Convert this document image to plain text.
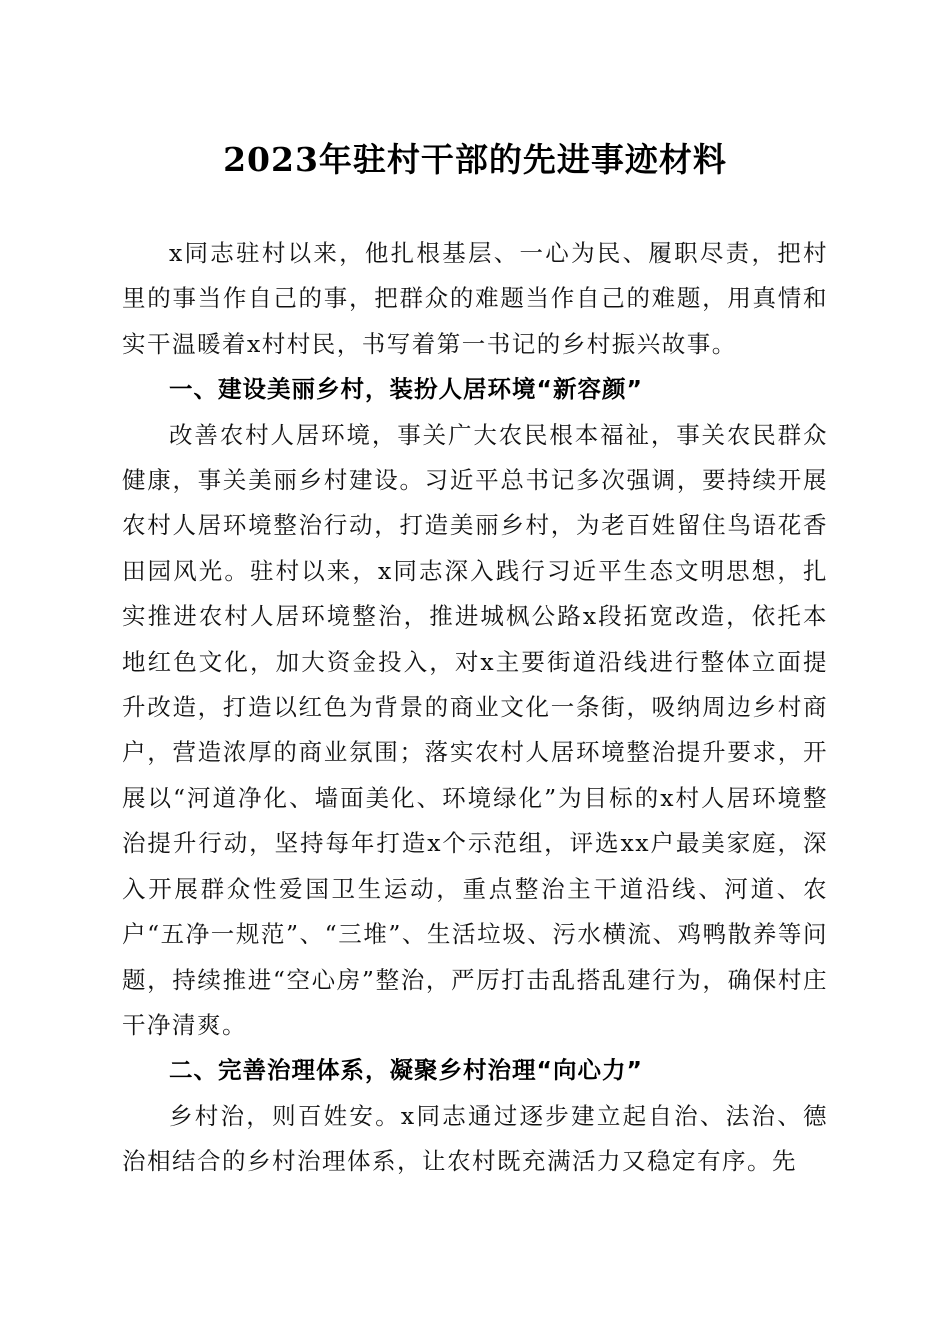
2023年驻村干部的先进事迹材料

x同志驻村以来，他扎根基层、一心为民、履职尽责，把村里的事当作自己的事，把群众的难题当作自己的难题，用真情和实干温暖着x村村民，书写着第一书记的乡村振兴故事。

一、建设美丽乡村，装扮人居环境“新容颜”

改善农村人居环境，事关广大农民根本福祉，事关农民群众健康，事关美丽乡村建设。习近平总书记多次强调，要持续开展农村人居环境整治行动，打造美丽乡村，为老百姓留住鸟语花香田园风光。驻村以来，x同志深入践行习近平生态文明思想，扎实推进农村人居环境整治，推进城枫公路x段拓宽改造，依托本地红色文化，加大资金投入，对x主要街道沿线进行整体立面提升改造，打造以红色为背景的商业文化一条街，吸纳周边乡村商户，营造浓厚的商业氛围；落实农村人居环境整治提升要求，开展以“河道净化、墙面美化、环境绿化”为目标的x村人居环境整治提升行动，坚持每年打造x个示范组，评选xx户最美家庭，深入开展群众性爱国卫生运动，重点整治主干道沿线、河道、农户“五净一规范”、“三堆”、生活垃圾、污水横流、鸡鸭散养等问题，持续推进“空心房”整治，严厉打击乱搭乱建行为，确保村庄干净清爽。

二、完善治理体系，凝聚乡村治理“向心力”

乡村治，则百姓安。x同志通过逐步建立起自治、法治、德治相结合的乡村治理体系，让农村既充满活力又稳定有序。先
